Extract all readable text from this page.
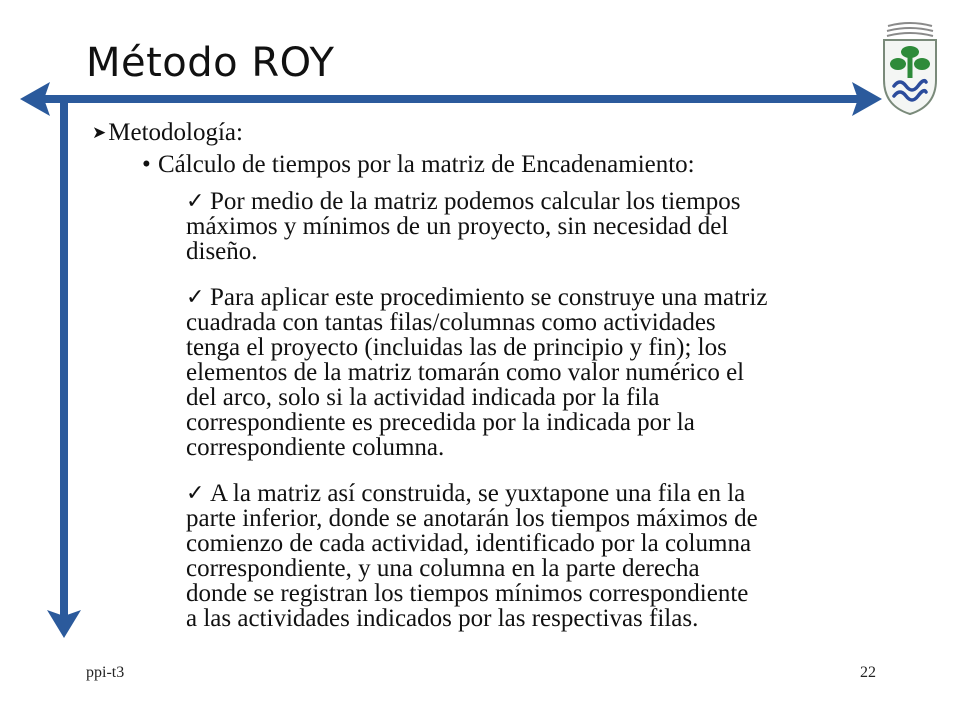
Método ROY
➤Metodología:
• Cálculo de tiempos por la matriz de Encadenamiento:
✓ Por medio de la matriz podemos calcular los tiempos
máximos y mínimos de un proyecto, sin necesidad del
diseño.
✓ Para aplicar este procedimiento se construye una matriz
cuadrada con tantas filas/columnas como actividades
tenga el proyecto (incluidas las de principio y fin); los
elementos de la matriz tomarán como valor numérico el
del arco, solo si la actividad indicada por la fila
correspondiente es precedida por la indicada por la
correspondiente columna.
✓ A la matriz así construida, se yuxtapone una fila en la
parte inferior, donde se anotarán los tiempos máximos de
comienzo de cada actividad, identificado por la columna
correspondiente, y una columna en la parte derecha
donde se registran los tiempos mínimos correspondiente
a las actividades indicados por las respectivas filas.
ppi-t3	22
